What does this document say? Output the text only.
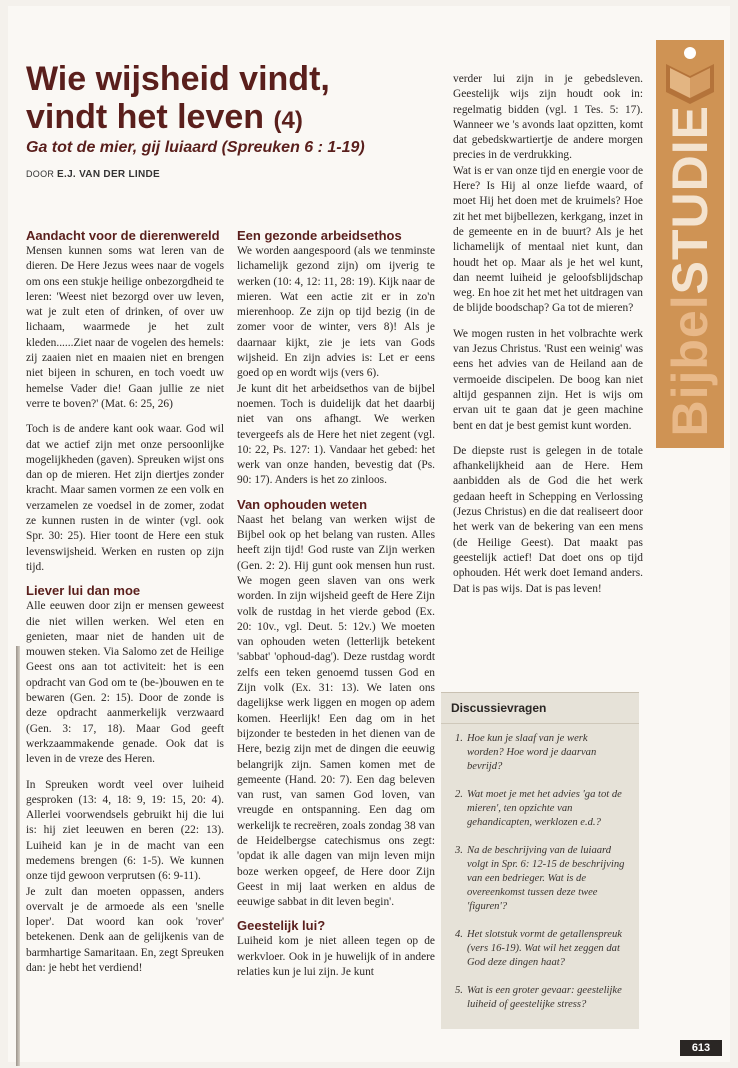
Wie wijsheid vindt,
vindt het leven (4)

Ga tot de mier, gij luiaard (Spreuken 6 : 1-19)

DOOR E.J. VAN DER LINDE
Aandacht voor de dierenwereld

Mensen kunnen soms wat leren van de dieren. De Here Jezus wees naar de vogels om ons een stukje heilige onbezorgdheid te leren: 'Weest niet bezorgd over uw leven, wat je zult eten of drinken, of over uw lichaam, waarmede je het zult kleden......Ziet naar de vogelen des hemels: zij zaaien niet en maaien niet en brengen niet bijeen in schuren, en toch voedt uw hemelse Vader die! Gaan jullie ze niet verre te boven?' (Mat. 6: 25, 26)

Toch is de andere kant ook waar. God wil dat we actief zijn met onze persoonlijke mogelijkheden (gaven). Spreuken wijst ons dan op de mieren. Het zijn diertjes zonder kracht. Maar samen vormen ze een volk en verzamelen ze voedsel in de zomer, zodat ze kunnen rusten in de winter (vgl. ook Spr. 30: 25). Hier toont de Here een stuk levenswijsheid. Werken en rusten op zijn tijd.

Liever lui dan moe

Alle eeuwen door zijn er mensen geweest die niet willen werken. Wel eten en genieten, maar niet de handen uit de mouwen steken. Via Salomo zet de Heilige Geest ons aan tot activiteit: het is een opdracht van God om te (be-)bouwen en te bewaren (Gen. 2: 15). Door de zonde is deze opdracht aanmerkelijk verzwaard (Gen. 3: 17, 18). Maar God geeft werkzaammakende genade. Ook dat is leven in de vreze des Heren.

In Spreuken wordt veel over luiheid gesproken (13: 4, 18: 9, 19: 15, 20: 4). Allerlei voorwendsels gebruikt hij die lui is: hij ziet leeuwen en beren (22: 13). Luiheid kan je in de macht van een medemens brengen (6: 1-5). We kunnen onze tijd gewoon verprutsen (6: 9-11).

Je zult dan moeten oppassen, anders overvalt je de armoede als een 'snelle loper'. Dat woord kan ook 'rover' betekenen. Denk aan de gelijkenis van de barmhartige Samaritaan. En, zegt Spreuken dan: je hebt het verdiend!

Een gezonde arbeidsethos

We worden aangespoord (als we tenminste lichamelijk gezond zijn) om ijverig te werken (10: 4, 12: 11, 28: 19). Kijk naar de mieren. Wat een actie zit er in zo'n mierenhoop. Ze zijn op tijd bezig (in de zomer voor de winter, vers 8)! Als je daarnaar kijkt, zie je iets van Gods wijsheid. En zijn advies is: Let er eens goed op en wordt wijs (vers 6).

Je kunt dit het arbeidsethos van de bijbel noemen. Toch is duidelijk dat het daarbij niet van ons afhangt. We werken tevergeefs als de Here het niet zegent (vgl. 10: 22, Ps. 127: 1). Vandaar het gebed: het werk van onze handen, bevestig dat (Ps. 90: 17). Anders is het zo zinloos.

Van ophouden weten

Naast het belang van werken wijst de Bijbel ook op het belang van rusten. Alles heeft zijn tijd! God ruste van Zijn werken (Gen. 2: 2). Hij gunt ook mensen hun rust. We mogen geen slaven van ons werk worden. In zijn wijsheid geeft de Here Zijn volk de rustdag in het vierde gebod (Ex. 20: 10v., vgl. Deut. 5: 12v.) We moeten van ophouden weten (letterlijk betekent 'sabbat' 'ophoud-dag'). Deze rustdag wordt zelfs een teken genoemd tussen God en Zijn volk (Ex. 31: 13). We laten ons dagelijkse werk liggen en mogen op adem komen. Heerlijk! Een dag om in het bijzonder te besteden in het dienen van de Here, bezig zijn met de dingen die eeuwig belangrijk zijn. Samen komen met de gemeente (Hand. 20: 7). Een dag beleven van rust, van samen God loven, van vreugde en ontspanning. Een dag om werkelijk te recreëren, zoals zondag 38 van de Heidelbergse catechismus ons zegt: 'opdat ik alle dagen van mijn leven mijn boze werken opgeef, de Here door Zijn Geest in mij laat werken en aldus de eeuwige sabbat in dit leven begin'.

Geestelijk lui?

Luiheid kom je niet alleen tegen op de werkvloer. Ook in je huwelijk of in andere relaties kun je lui zijn. Je kunt

verder lui zijn in je gebedsleven. Geestelijk wijs zijn houdt ook in: regelmatig bidden (vgl. 1 Tes. 5: 17). Wanneer we 's avonds laat opzitten, komt dat gebedskwartiertje de andere morgen precies in de verdrukking.

Wat is er van onze tijd en energie voor de Here? Is Hij al onze liefde waard, of moet Hij het doen met de kruimels? Hoe zit het met bijbellezen, kerkgang, inzet in de gemeente en in de buurt? Als je het lichamelijk of mentaal niet kunt, dan houdt het op. Maar als je het wel kunt, dan neemt luiheid je geloofsblijdschap weg. En hoe zit het met het uitdragen van de blijde boodschap? Ga tot de mieren?

We mogen rusten in het volbrachte werk van Jezus Christus. 'Rust een weinig' was eens het advies van de Heiland aan de vermoeide discipelen. De boog kan niet altijd gespannen zijn. Het is wijs om ervan uit te gaan dat je geen machine bent en dat je best gemist kunt worden.

De diepste rust is gelegen in de totale afhankelijkheid aan de Here. Hem aanbidden als de God die het werk gedaan heeft in Schepping en Verlossing (Jezus Christus) en die dat realiseert door het werk van de bekering van een mens (de Heilige Geest). Dat maakt pas geestelijk actief! Dat doet ons op tijd ophouden. Hét werk doet Iemand anders. Dat is pas wijs. Dat is pas leven!

Discussievragen
1. Hoe kun je slaaf van je werk worden? Hoe word je daarvan bevrijd?
2. Wat moet je met het advies 'ga tot de mieren', ten opzichte van gehandicapten, werklozen e.d.?
3. Na de beschrijving van de luiaard volgt in Spr. 6: 12-15 de beschrijving van een bedrieger. Wat is de overeenkomst tussen deze twee 'figuren'?
4. Het slotstuk vormt de getallenspreuk (vers 16-19). Wat wil het zeggen dat God deze dingen haat?
5. Wat is een groter gevaar: geestelijke luiheid of geestelijke stress?
BijbelSTUDIE
613
